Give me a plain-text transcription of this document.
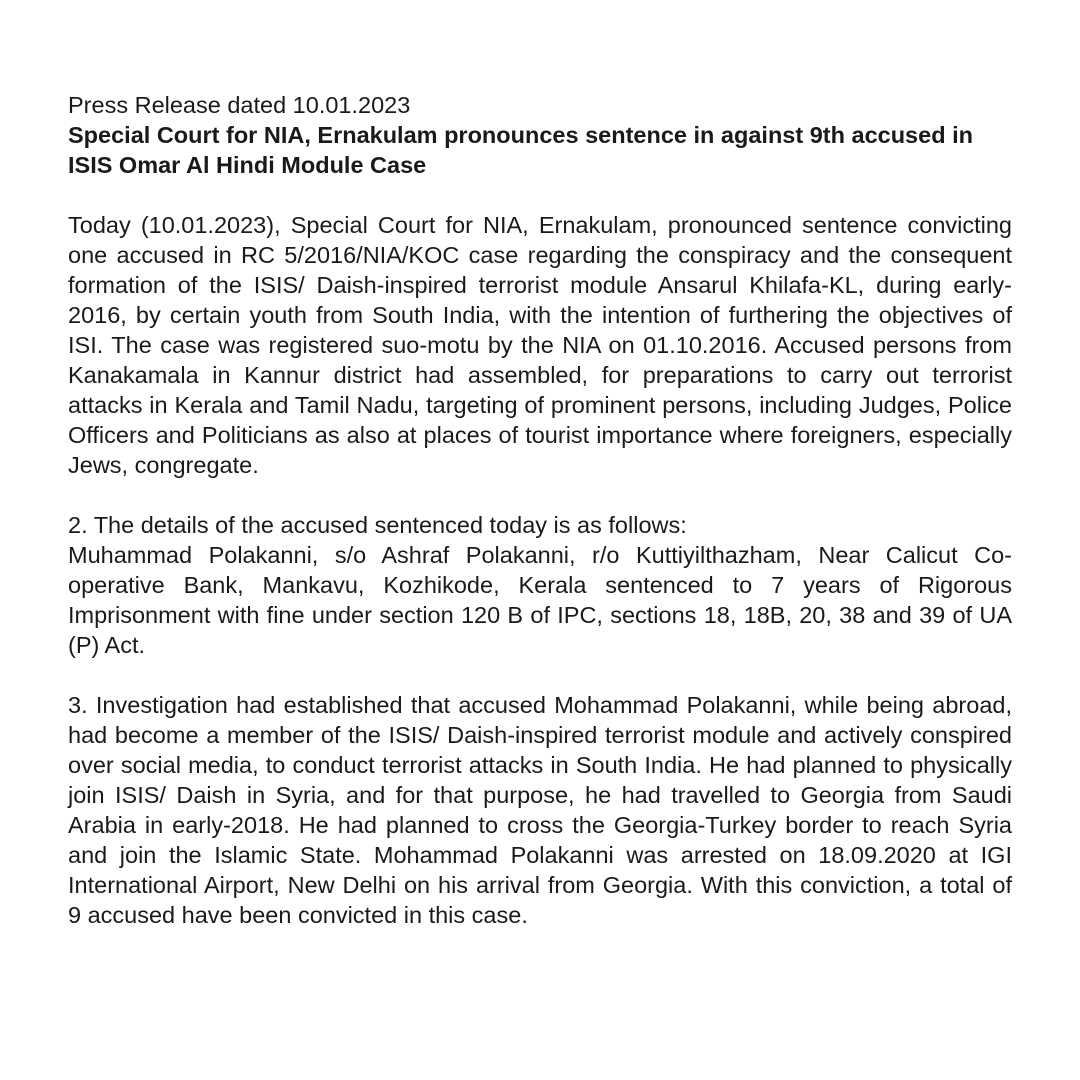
Press Release dated 10.01.2023

Special Court for NIA, Ernakulam pronounces sentence in against 9th accused in ISIS Omar Al Hindi Module Case

Today (10.01.2023), Special Court for NIA, Ernakulam, pronounced sentence convicting one accused in RC 5/2016/NIA/KOC case regarding the conspiracy and the consequent formation of the ISIS/ Daish-inspired terrorist module Ansarul Khilafa-KL, during early-2016, by certain youth from South India, with the intention of furthering the objectives of ISI. The case was registered suo-motu by the NIA on 01.10.2016. Accused persons from Kanakamala in Kannur district had assembled, for preparations to carry out terrorist attacks in Kerala and Tamil Nadu, targeting of prominent persons, including Judges, Police Officers and Politicians as also at places of tourist importance where foreigners, especially Jews, congregate.

2. The details of the accused sentenced today is as follows:

Muhammad Polakanni, s/o Ashraf Polakanni, r/o Kuttiyilthazham, Near Calicut Co-operative Bank, Mankavu, Kozhikode, Kerala sentenced to 7 years of Rigorous Imprisonment with fine under section 120 B of IPC, sections 18, 18B, 20, 38 and 39 of UA (P) Act.

3. Investigation had established that accused Mohammad Polakanni, while being abroad, had become a member of the ISIS/ Daish-inspired terrorist module and actively conspired over social media, to conduct terrorist attacks in South India. He had planned to physically join ISIS/ Daish in Syria, and for that purpose, he had travelled to Georgia from Saudi Arabia in early-2018. He had planned to cross the Georgia-Turkey border to reach Syria and join the Islamic State. Mohammad Polakanni was arrested on 18.09.2020 at IGI International Airport, New Delhi on his arrival from Georgia. With this conviction, a total of 9 accused have been convicted in this case.
